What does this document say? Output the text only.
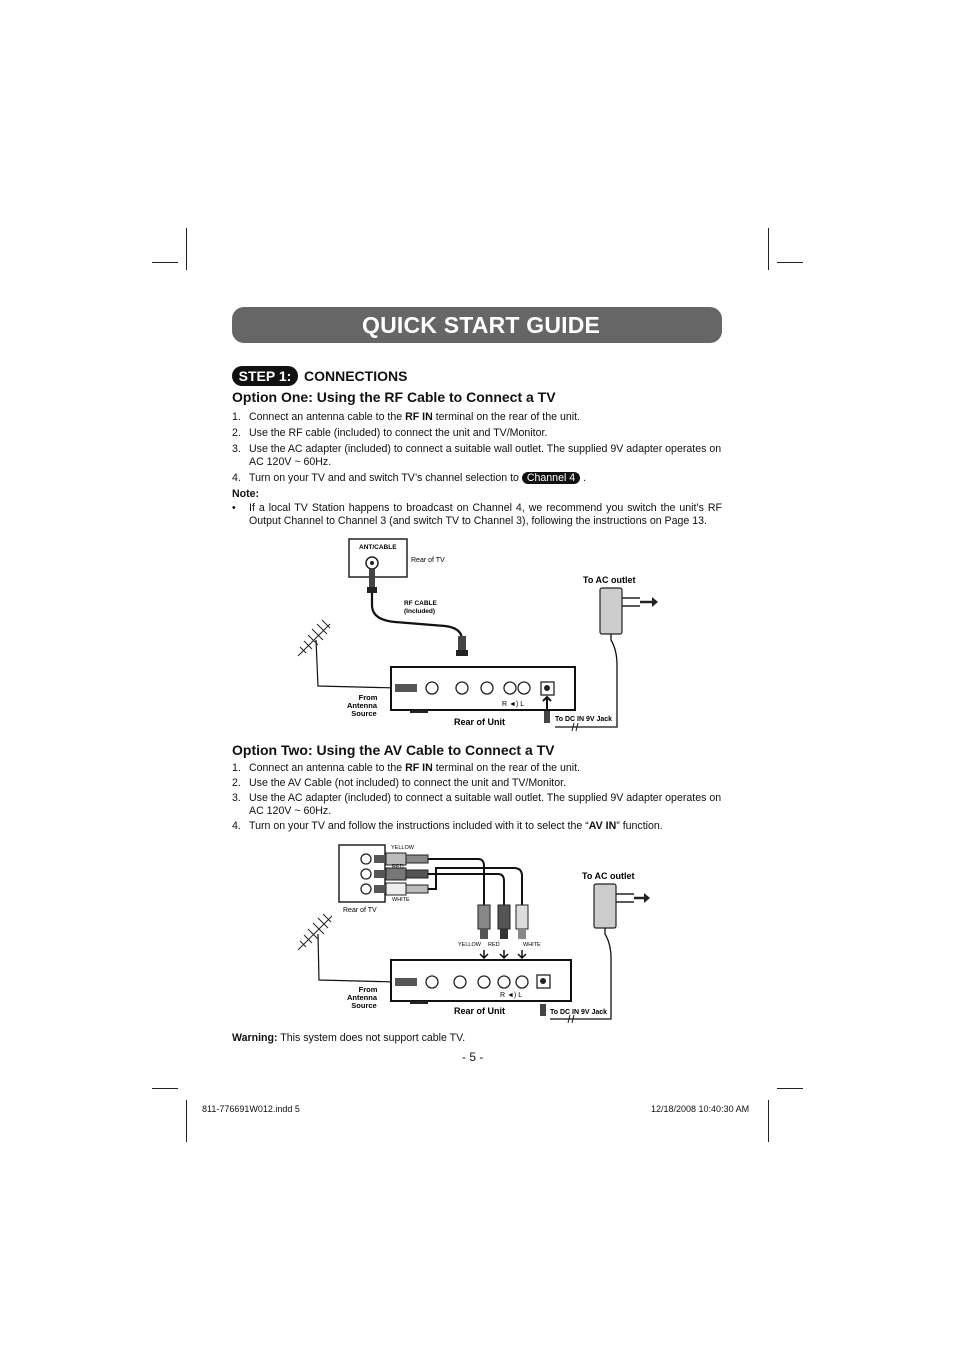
QUICK START GUIDE
STEP 1: CONNECTIONS
Option One: Using the RF Cable to Connect a TV
1. Connect an antenna cable to the RF IN terminal on the rear of the unit.
2. Use the RF cable (included) to connect the unit and TV/Monitor.
3. Use the AC adapter (included) to connect a suitable wall outlet. The supplied 9V adapter operates on AC 120V ~ 60Hz.
4. Turn on your TV and and switch TV’s channel selection to Channel 4 .
Note:
• If a local TV Station happens to broadcast on Channel 4, we recommend you switch the unit’s RF Output Channel to Channel 3 (and switch TV to Channel 3), following the instructions on Page 13.
ANT/CABLE
Rear of TV
RF CABLE
(Included)
To AC outlet
From
Antenna
Source
R ◄) L
Rear of Unit	To DC IN 9V Jack
Option Two: Using the AV Cable to Connect a TV
1. Connect an antenna cable to the RF IN terminal on the rear of the unit.
2. Use the AV Cable (not included) to connect the unit and TV/Monitor.
3. Use the AC adapter (included) to connect a suitable wall outlet. The supplied 9V adapter operates on AC 120V ~ 60Hz.
4. Turn on your TV and follow the instructions included with it to select the “AV IN” function.
Rear of TV
YELLOW
RED
WHITE
YELLOW RED	WHITE
To AC outlet
From
Antenna
Source
R ◄) L
Rear of Unit	To DC IN 9V Jack
Warning: This system does not support cable TV.
- 5 -
811-776691W012.indd 5	12/18/2008 10:40:30 AM
